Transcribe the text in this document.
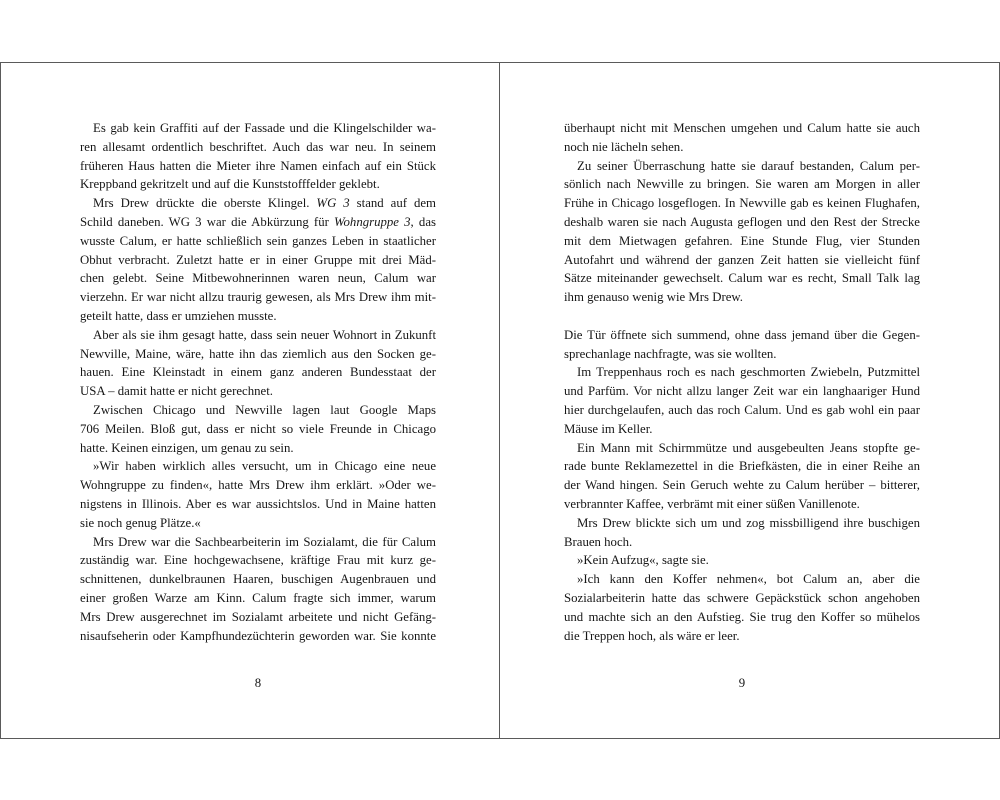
Es gab kein Graffiti auf der Fassade und die Klingelschilder wa-
ren allesamt ordentlich beschriftet. Auch das war neu. In seinem
früheren Haus hatten die Mieter ihre Namen einfach auf ein Stück
Kreppband gekritzelt und auf die Kunststofffelder geklebt.
Mrs Drew drückte die oberste Klingel. WG 3 stand auf dem
Schild daneben. WG 3 war die Abkürzung für Wohngruppe 3, das
wusste Calum, er hatte schließlich sein ganzes Leben in staatlicher
Obhut verbracht. Zuletzt hatte er in einer Gruppe mit drei Mäd-
chen gelebt. Seine Mitbewohnerinnen waren neun, Calum war
vierzehn. Er war nicht allzu traurig gewesen, als Mrs Drew ihm mit-
geteilt hatte, dass er umziehen musste.
Aber als sie ihm gesagt hatte, dass sein neuer Wohnort in Zukunft
Newville, Maine, wäre, hatte ihn das ziemlich aus den Socken ge-
hauen. Eine Kleinstadt in einem ganz anderen Bundesstaat der
USA – damit hatte er nicht gerechnet.
Zwischen Chicago und Newville lagen laut Google Maps
706 Meilen. Bloß gut, dass er nicht so viele Freunde in Chicago
hatte. Keinen einzigen, um genau zu sein.
»Wir haben wirklich alles versucht, um in Chicago eine neue
Wohngruppe zu finden«, hatte Mrs Drew ihm erklärt. »Oder we-
nigstens in Illinois. Aber es war aussichtslos. Und in Maine hatten
sie noch genug Plätze.«
Mrs Drew war die Sachbearbeiterin im Sozialamt, die für Calum
zuständig war. Eine hochgewachsene, kräftige Frau mit kurz ge-
schnittenen, dunkelbraunen Haaren, buschigen Augenbrauen und
einer großen Warze am Kinn. Calum fragte sich immer, warum
Mrs Drew ausgerechnet im Sozialamt arbeitete und nicht Gefäng-
nisaufseherin oder Kampfhundezüchterin geworden war. Sie konnte
8
überhaupt nicht mit Menschen umgehen und Calum hatte sie auch
noch nie lächeln sehen.
Zu seiner Überraschung hatte sie darauf bestanden, Calum per-
sönlich nach Newville zu bringen. Sie waren am Morgen in aller
Frühe in Chicago losgeflogen. In Newville gab es keinen Flughafen,
deshalb waren sie nach Augusta geflogen und den Rest der Strecke
mit dem Mietwagen gefahren. Eine Stunde Flug, vier Stunden
Autofahrt und während der ganzen Zeit hatten sie vielleicht fünf
Sätze miteinander gewechselt. Calum war es recht, Small Talk lag
ihm genauso wenig wie Mrs Drew.
Die Tür öffnete sich summend, ohne dass jemand über die Gegen-
sprechanlage nachfragte, was sie wollten.
Im Treppenhaus roch es nach geschmorten Zwiebeln, Putzmittel
und Parfüm. Vor nicht allzu langer Zeit war ein langhaariger Hund
hier durchgelaufen, auch das roch Calum. Und es gab wohl ein paar
Mäuse im Keller.
Ein Mann mit Schirmmütze und ausgebeulten Jeans stopfte ge-
rade bunte Reklamezettel in die Briefkästen, die in einer Reihe an
der Wand hingen. Sein Geruch wehte zu Calum herüber – bitterer,
verbrannter Kaffee, verbrämt mit einer süßen Vanillenote.
Mrs Drew blickte sich um und zog missbilligend ihre buschigen
Brauen hoch.
»Kein Aufzug«, sagte sie.
»Ich kann den Koffer nehmen«, bot Calum an, aber die
Sozialarbeiterin hatte das schwere Gepäckstück schon angehoben
und machte sich an den Aufstieg. Sie trug den Koffer so mühelos
die Treppen hoch, als wäre er leer.
9
